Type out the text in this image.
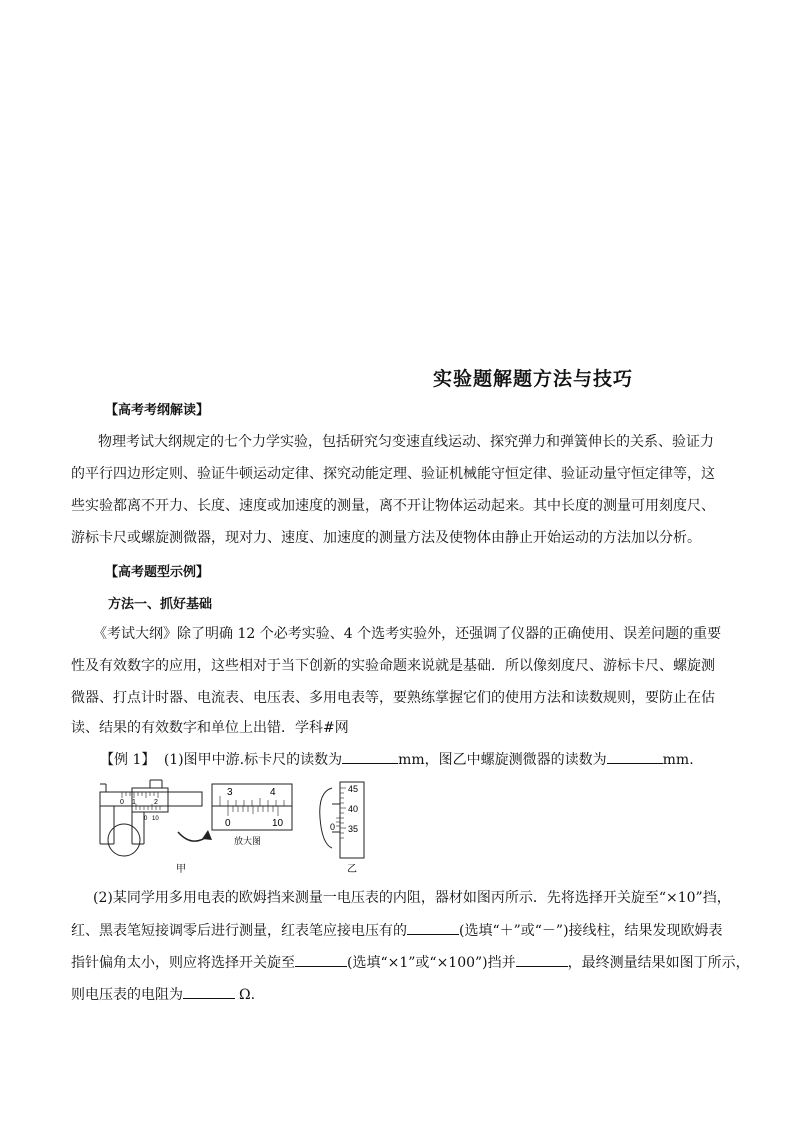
实验题解题方法与技巧
【高考考纲解读】
物理考试大纲规定的七个力学实验，包括研究匀变速直线运动、探究弹力和弹簧伸长的关系、验证力
的平行四边形定则、验证牛顿运动定律、探究动能定理、验证机械能守恒定律、验证动量守恒定律等，这
些实验都离不开力、长度、速度或加速度的测量，离不开让物体运动起来。其中长度的测量可用刻度尺、
游标卡尺或螺旋测微器，现对力、速度、加速度的测量方法及使物体由静止开始运动的方法加以分析。
【高考题型示例】
方法一、抓好基础
《考试大纲》除了明确 12 个必考实验、4 个选考实验外，还强调了仪器的正确使用、误差问题的重要
性及有效数字的应用，这些相对于当下创新的实验命题来说就是基础．所以像刻度尺、游标卡尺、螺旋测
微器、打点计时器、电流表、电压表、多用电表等，要熟练掌握它们的使用方法和读数规则，要防止在估
读、结果的有效数字和单位上出错．学科#网
【例 1】 (1)图甲中游.标卡尺的读数为	mm，图乙中螺旋测微器的读数为	mm.
0 1	2
0 10
3	4
0	10
放大图
45
40
35
0
甲	乙
(2)某同学用多用电表的欧姆挡来测量一电压表的内阻，器材如图丙所示．先将选择开关旋至“×10”挡，
红、黑表笔短接调零后进行测量，红表笔应接电压有的	(选填“＋”或“－”)接线柱，结果发现欧姆表
指针偏角太小，则应将选择开关旋至	(选填“×1”或“×100”)挡并	，最终测量结果如图丁所示，
则电压表的电阻为	Ω.
